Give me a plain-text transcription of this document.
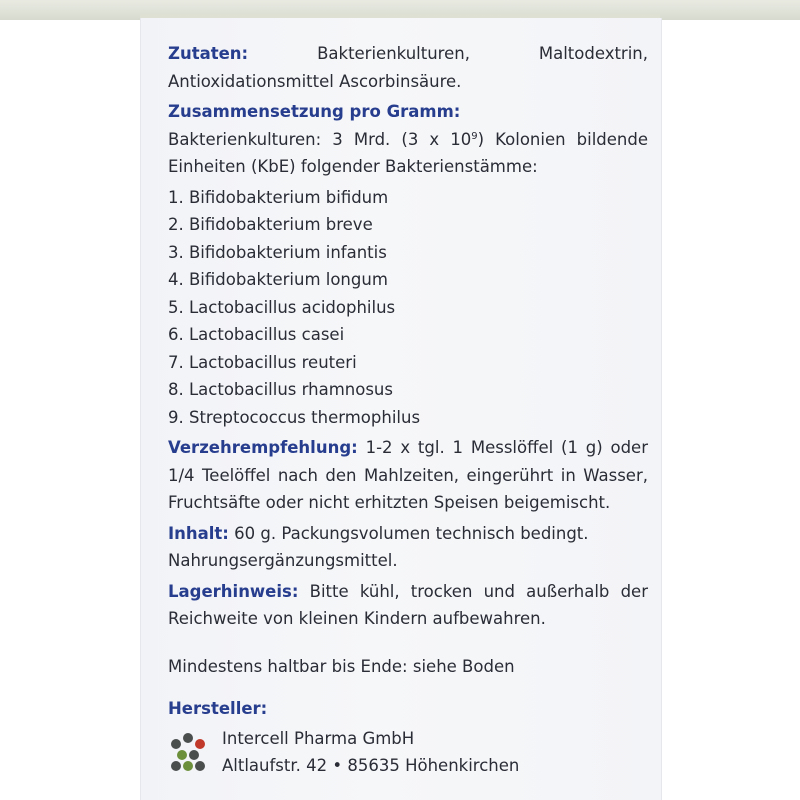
Zutaten:	Bakterienkulturen, Maltodextrin, Antioxidationsmittel Ascorbinsäure.

Zusammensetzung pro Gramm:

Bakterienkulturen: 3 Mrd. (3 x $10^9$) Kolonien bildende Einheiten (KbE) folgender Bakterienstämme:

1. Bifidobakterium bifidum

2. Bifidobakterium breve

3. Bifidobakterium infantis

4. Bifidobakterium longum

5. Lactobacillus acidophilus

6. Lactobacillus casei

7. Lactobacillus reuteri

8. Lactobacillus rhamnosus

9. Streptococcus thermophilus

Verzehrempfehlung: 1-2 x tgl. 1 Messlöffel (1 g) oder 1/4 Teelöffel nach den Mahlzeiten, eingerührt in Wasser, Fruchtsäfte oder nicht erhitzten Speisen beigemischt.

Inhalt: 60 g. Packungsvolumen technisch bedingt.

Nahrungsergänzungsmittel.

Lagerhinweis: Bitte kühl, trocken und außerhalb der Reichweite von kleinen Kindern aufbewahren.

Mindestens haltbar bis Ende: siehe Boden

Hersteller:

Intercell Pharma GmbH

Altlaufstr. 42 • 85635 Höhenkirchen
